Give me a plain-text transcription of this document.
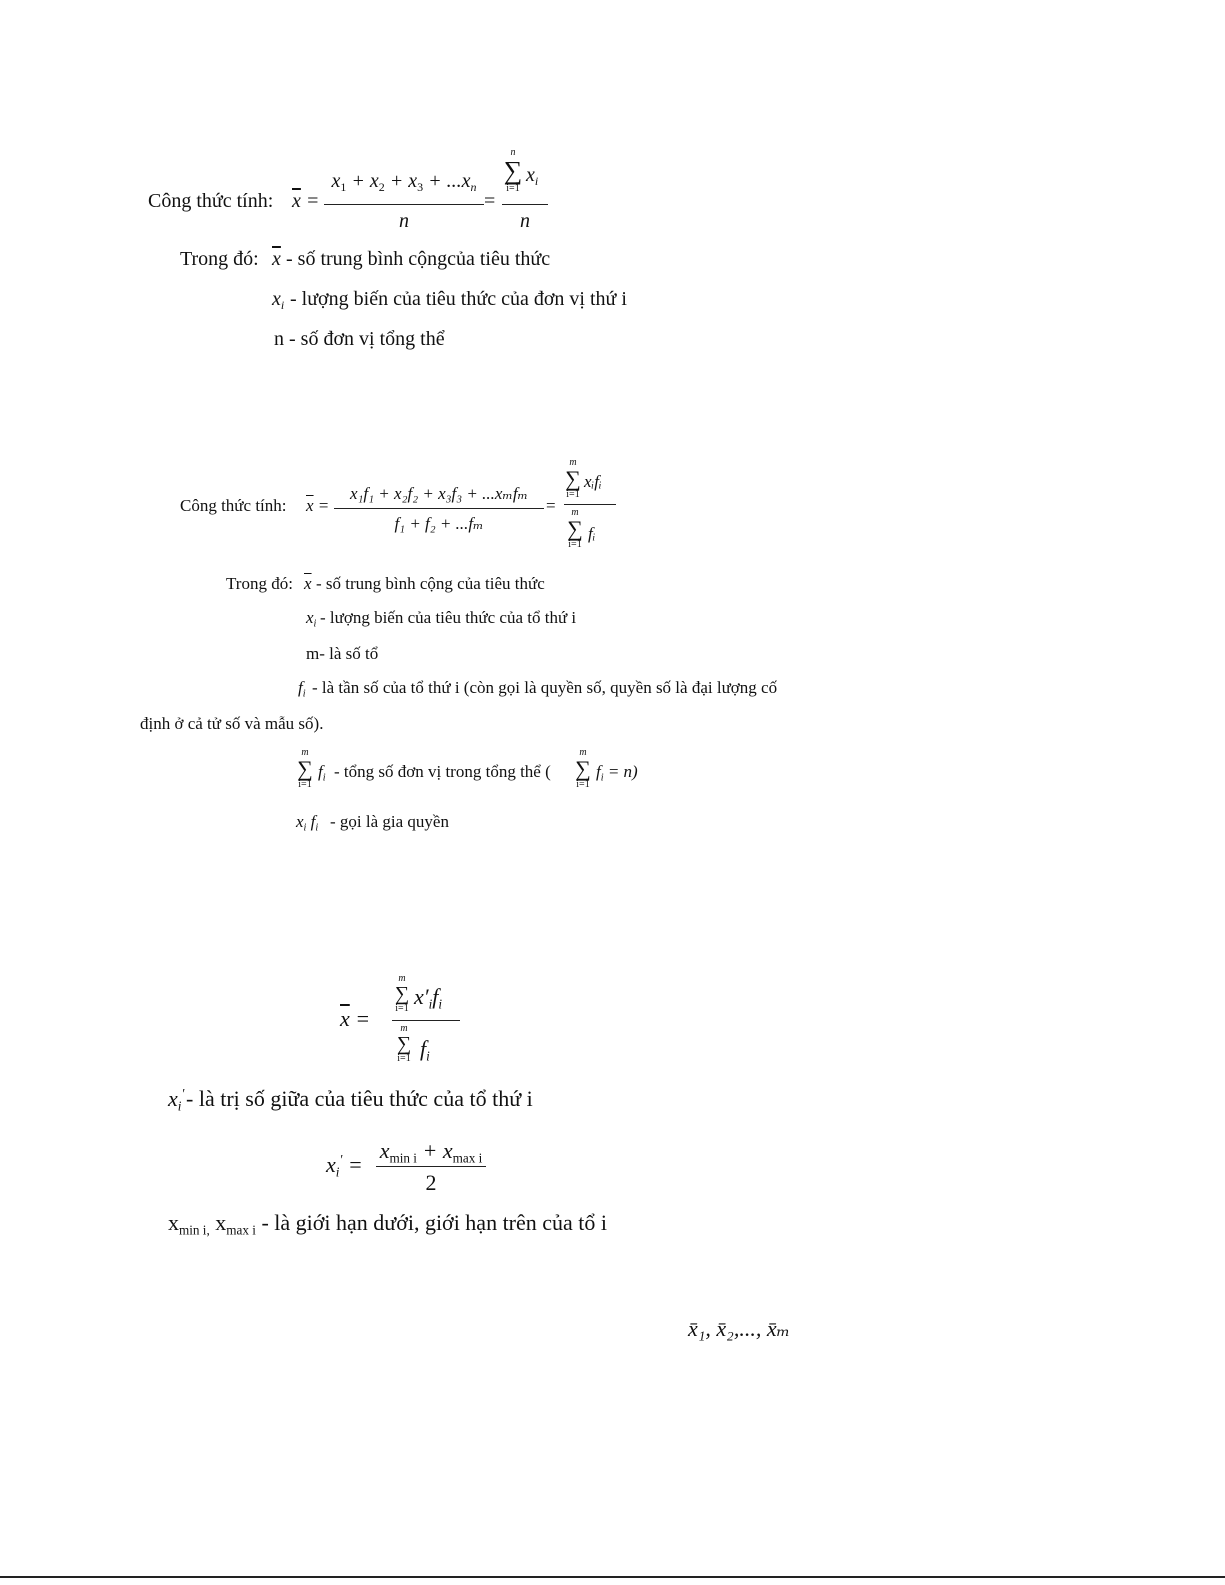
Công thức tính: $\overline{x}$ =
$x_1 + x_2 + x_3 + ...x_n$
n
=
n
∑
i=1
$x_i$
n
Trong đó: $\overline{x}$ - số trung bình cộngcủa tiêu thức
$x_i$ - lượng biến của tiêu thức của đơn vị thứ i
n - số đơn vị tổng thể
Công thức tính: $\overline{x}$ =
x₁f₁ + x₂f₂ + x₃f₃ + ...xₘfₘ
f₁ + f₂ + ...fₘ
=
m
∑
i=1
xᵢfᵢ
m
∑
i=1
fᵢ
Trong đó: $\overline{x}$ - số trung bình cộng của tiêu thức
$x_i$ - lượng biến của tiêu thức của tổ thứ i
m- là số tổ
$f_i$ - là tần số của tổ thứ i (còn gọi là quyền số, quyền số là đại lượng cố
định ở cả tử số và mẫu số).
m
∑
i=1
$f_i$ - tổng số đơn vị trong tổng thể (
m
∑
i=1
$f_i = n$)
$x_i$ $f_i$ - gọi là gia quyền
$\overline{x}$ =
m
∑
i=1 $x'_if_i$
m
∑
i=1 $f_i$
$x_i'$ - là trị số giữa của tiêu thức của tổ thứ i
$x_i'$ =
$x_{min i} + x_{max i}$
2
$x_{min i,}$ $x_{max i}$ - là giới hạn dưới, giới hạn trên của tổ i
x̄₁, x̄₂,..., x̄ₘ
